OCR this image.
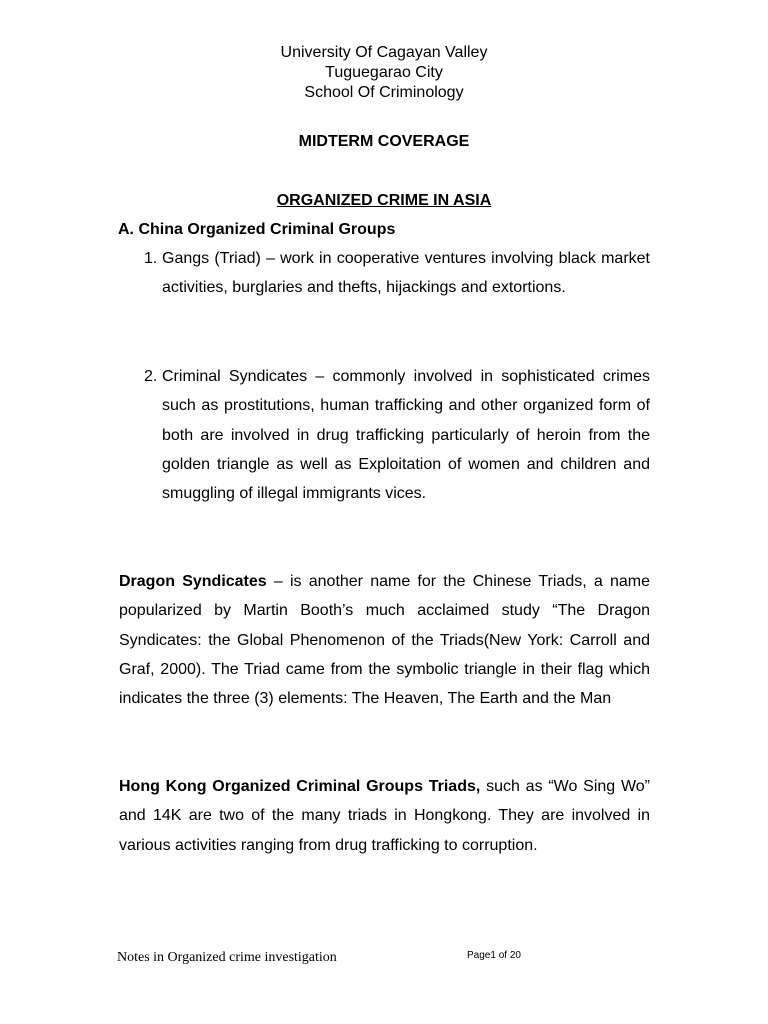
University Of Cagayan Valley
Tuguegarao City
School Of Criminology
MIDTERM COVERAGE
ORGANIZED CRIME IN ASIA
A. China Organized Criminal Groups
1. Gangs (Triad) – work in cooperative ventures involving black market activities, burglaries and thefts, hijackings and extortions.
2. Criminal Syndicates – commonly involved in sophisticated crimes such as prostitutions, human trafficking and other organized form of both are involved in drug trafficking particularly of heroin from the golden triangle as well as Exploitation of women and children and smuggling of illegal immigrants vices.
Dragon Syndicates – is another name for the Chinese Triads, a name popularized by Martin Booth’s much acclaimed study “The Dragon Syndicates: the Global Phenomenon of the Triads(New York: Carroll and Graf, 2000). The Triad came from the symbolic triangle in their flag which indicates the three (3) elements: The Heaven, The Earth and the Man
Hong Kong Organized Criminal Groups Triads, such as “Wo Sing Wo” and 14K are two of the many triads in Hongkong. They are involved in various activities ranging from drug trafficking to corruption.
Notes in Organized crime investigation	Page1 of 20
